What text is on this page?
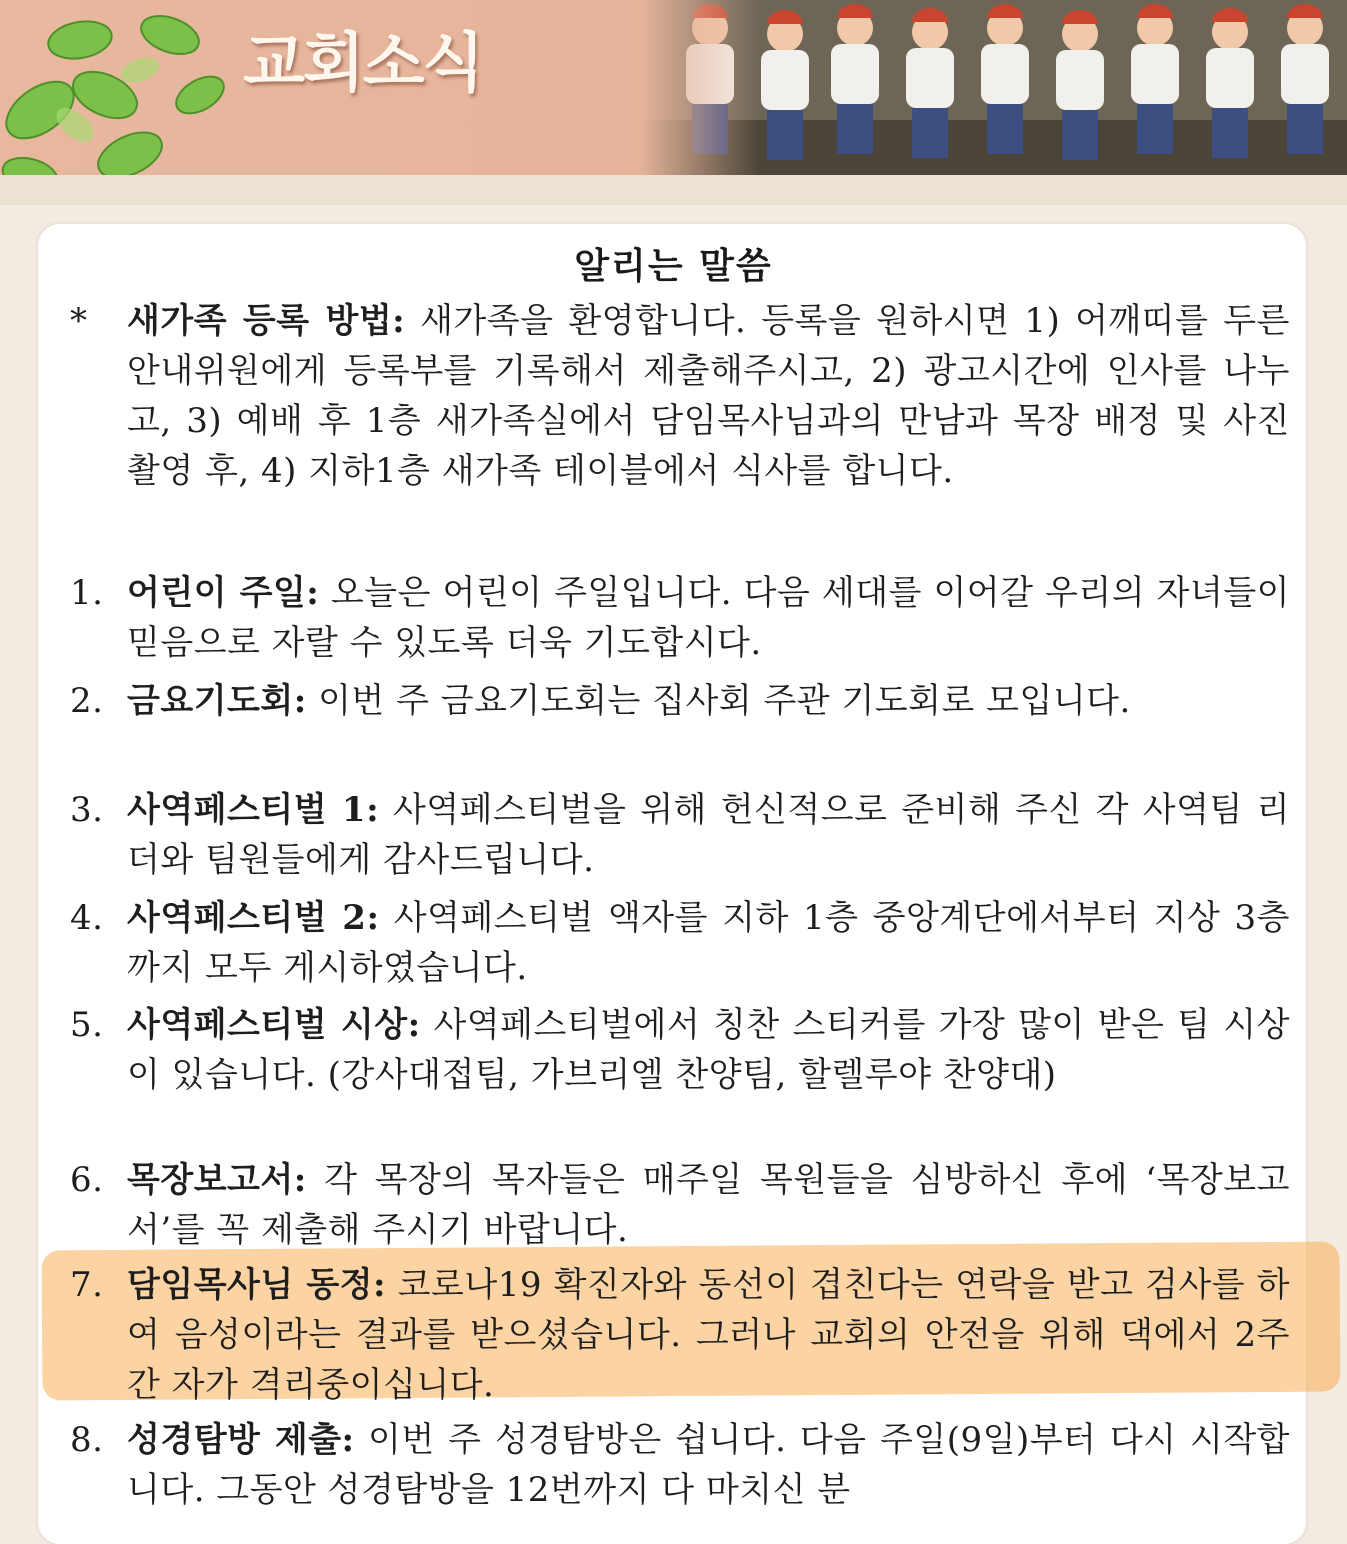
교회소식
알리는 말씀
*	새가족 등록 방법: 새가족을 환영합니다. 등록을 원하시면 1) 어깨띠를 두른 안내위원에게 등록부를 기록해서 제출해주시고, 2) 광고시간에 인사를 나누고, 3) 예배 후 1층 새가족실에서 담임목사님과의 만남과 목장 배정 및 사진 촬영 후, 4) 지하1층 새가족 테이블에서 식사를 합니다.
1. 어린이 주일: 오늘은 어린이 주일입니다. 다음 세대를 이어갈 우리의 자녀들이 믿음으로 자랄 수 있도록 더욱 기도합시다.
2. 금요기도회: 이번 주 금요기도회는 집사회 주관 기도회로 모입니다.
3. 사역페스티벌 1: 사역페스티벌을 위해 헌신적으로 준비해 주신 각 사역팀 리더와 팀원들에게 감사드립니다.
4. 사역페스티벌 2: 사역페스티벌 액자를 지하 1층 중앙계단에서부터 지상 3층까지 모두 게시하였습니다.
5. 사역페스티벌 시상: 사역페스티벌에서 칭찬 스티커를 가장 많이 받은 팀 시상이 있습니다. (강사대접팀, 가브리엘 찬양팀, 할렐루야 찬양대)
6. 목장보고서: 각 목장의 목자들은 매주일 목원들을 심방하신 후에 ‘목장보고서’를 꼭 제출해 주시기 바랍니다.
7. 담임목사님 동정: 코로나19 확진자와 동선이 겹친다는 연락을 받고 검사를 하여 음성이라는 결과를 받으셨습니다. 그러나 교회의 안전을 위해 댁에서 2주간 자가 격리중이십니다.
8. 성경탐방 제출: 이번 주 성경탐방은 쉽니다. 다음 주일(9일)부터 다시 시작합니다. 그동안 성경탐방을 12번까지 다 마치신 분
